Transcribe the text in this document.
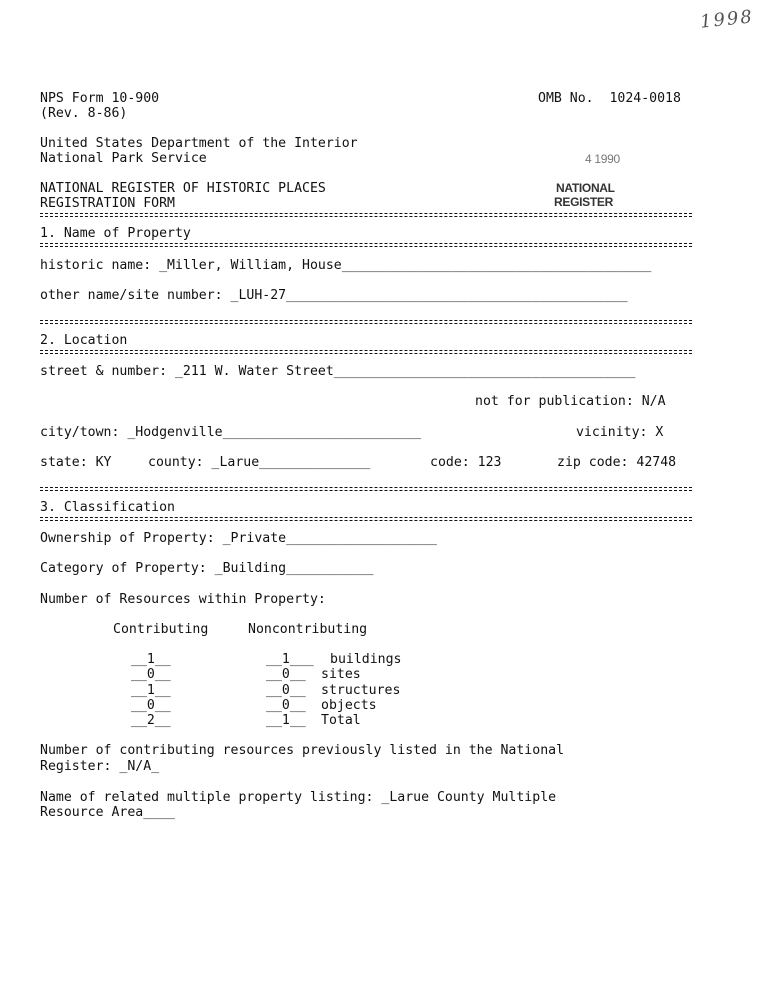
1998
NPS Form 10-900
(Rev. 8-86)
OMB No.  1024-0018
United States Department of the Interior
National Park Service	4 1990
NATIONAL
REGISTER
NATIONAL REGISTER OF HISTORIC PLACES
REGISTRATION FORM
1. Name of Property
historic name: _Miller, William, House_______________________________________
other name/site number: _LUH-27___________________________________________
2. Location
street & number: _211 W. Water Street______________________________________
not for publication: N/A
city/town: _Hodgenville_________________________	vicinity: X
state: KY	county: _Larue______________	code: 123	zip code: 42748
3. Classification
Ownership of Property: _Private___________________
Category of Property: _Building___________
Number of Resources within Property:
Contributing	Noncontributing
__1__	__1___ buildings
__0__	__0__ sites
__1__	__0__ structures
__0__	__0__ objects
__2__	__1__ Total
Number of contributing resources previously listed in the National
Register: _N/A_
Name of related multiple property listing: _Larue County Multiple
Resource Area____
